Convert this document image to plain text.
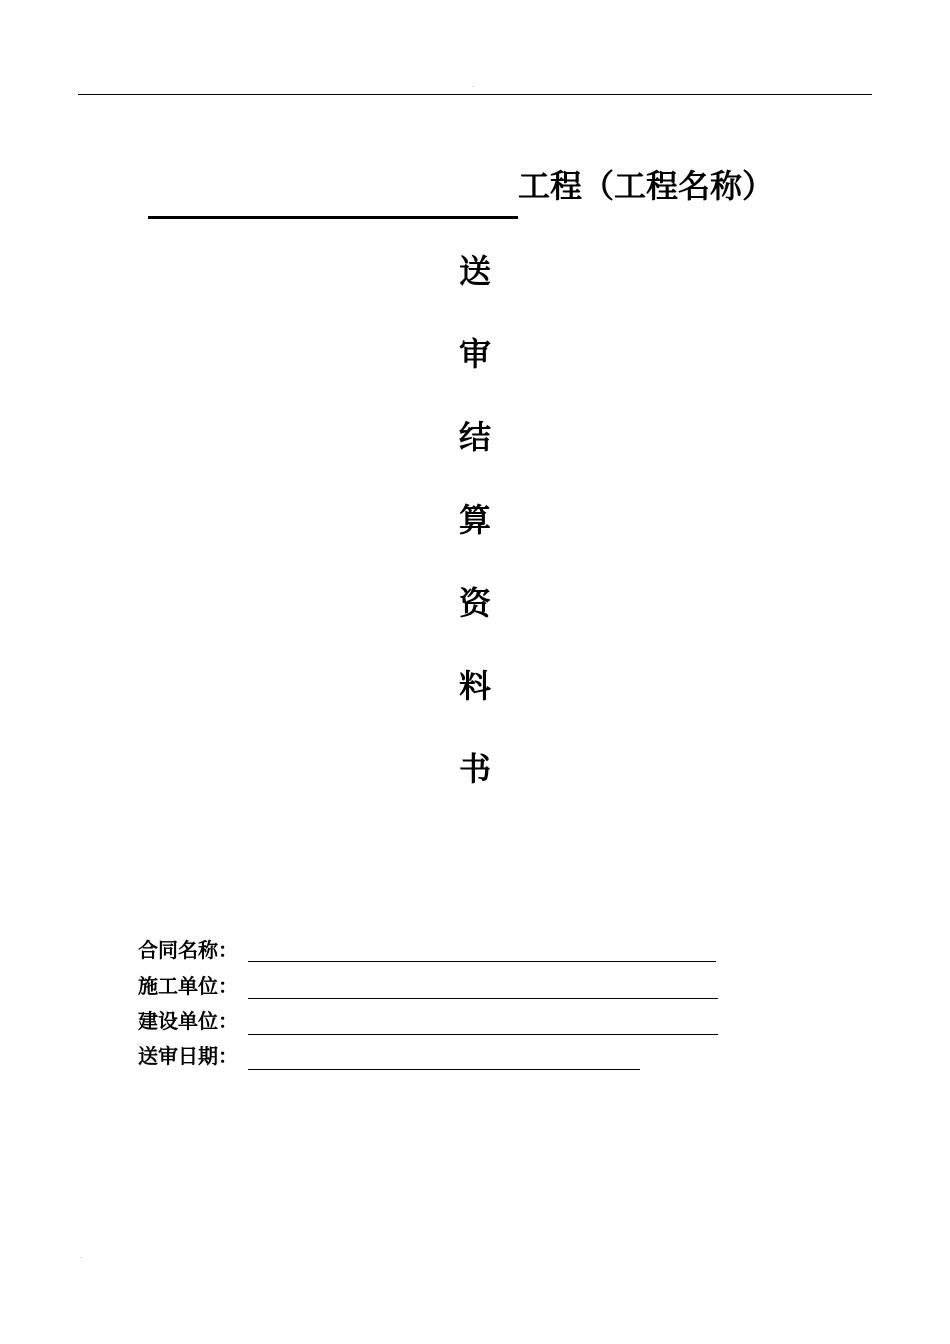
.
工程（工程名称）
送
审
结
算
资
料
书
合同名称：
施工单位：
建设单位：
送审日期：
.
